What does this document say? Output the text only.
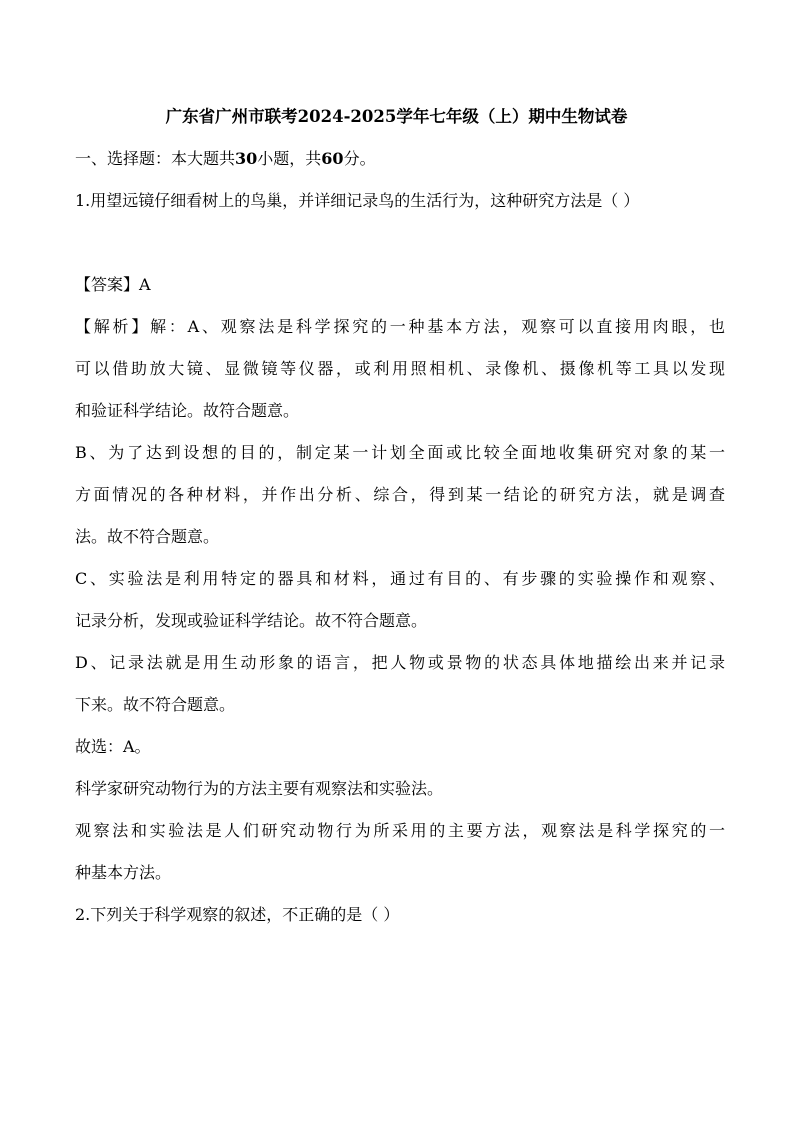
广东省广州市联考2024-2025学年七年级（上）期中生物试卷
一、选择题：本大题共30小题，共60分。
1.用望远镜仔细看树上的鸟巢，并详细记录鸟的生活行为，这种研究方法是（ ）
【答案】A
【解析】解：A、观察法是科学探究的一种基本方法，观察可以直接用肉眼，也
可以借助放大镜、显微镜等仪器，或利用照相机、录像机、摄像机等工具以发现
和验证科学结论。故符合题意。
B、为了达到设想的目的，制定某一计划全面或比较全面地收集研究对象的某一
方面情况的各种材料，并作出分析、综合，得到某一结论的研究方法，就是调查
法。故不符合题意。
C、实验法是利用特定的器具和材料，通过有目的、有步骤的实验操作和观察、
记录分析，发现或验证科学结论。故不符合题意。
D、记录法就是用生动形象的语言，把人物或景物的状态具体地描绘出来并记录
下来。故不符合题意。
故选：A。
科学家研究动物行为的方法主要有观察法和实验法。
观察法和实验法是人们研究动物行为所采用的主要方法，观察法是科学探究的一
种基本方法。
2.下列关于科学观察的叙述，不正确的是（ ）
